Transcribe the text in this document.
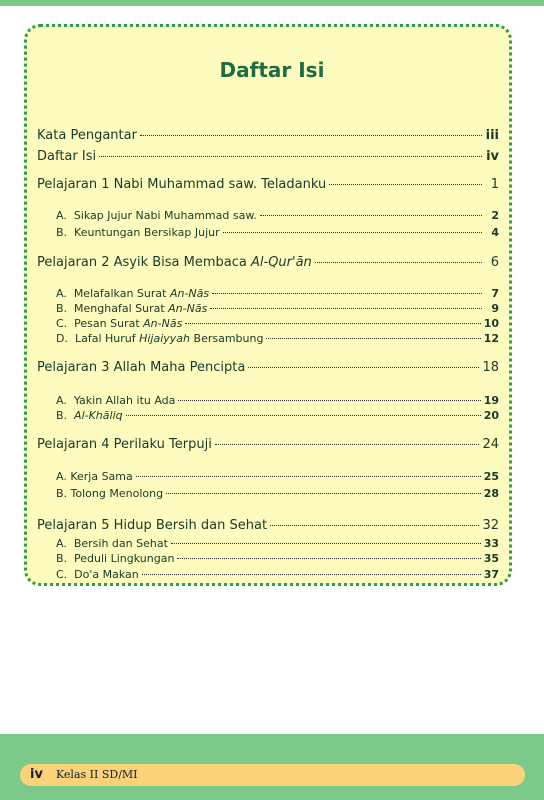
Daftar Isi
Kata Pengantar	iii
Daftar Isi	iv
Pelajaran 1 Nabi Muhammad saw. Teladanku	1
A.  Sikap Jujur Nabi Muhammad saw.	2
B.  Keuntungan Bersikap Jujur	4
Pelajaran 2 Asyik Bisa Membaca Al-Qur'ān	6
A.  Melafalkan Surat An-Nās	7
B.  Menghafal Surat An-Nās	9
C.  Pesan Surat An-Nās	10
D.  Lafal Huruf Hijaiyyah Bersambung	12
Pelajaran 3 Allah Maha Pencipta	18
A.  Yakin Allah itu Ada	19
B.  Al-Khāliq	20
Pelajaran 4 Perilaku Terpuji	24
A. Kerja Sama	25
B. Tolong Menolong	28
Pelajaran 5 Hidup Bersih dan Sehat	32
A.  Bersih dan Sehat	33
B.  Peduli Lingkungan	35
C.  Do'a Makan	37
iv Kelas II SD/MI
